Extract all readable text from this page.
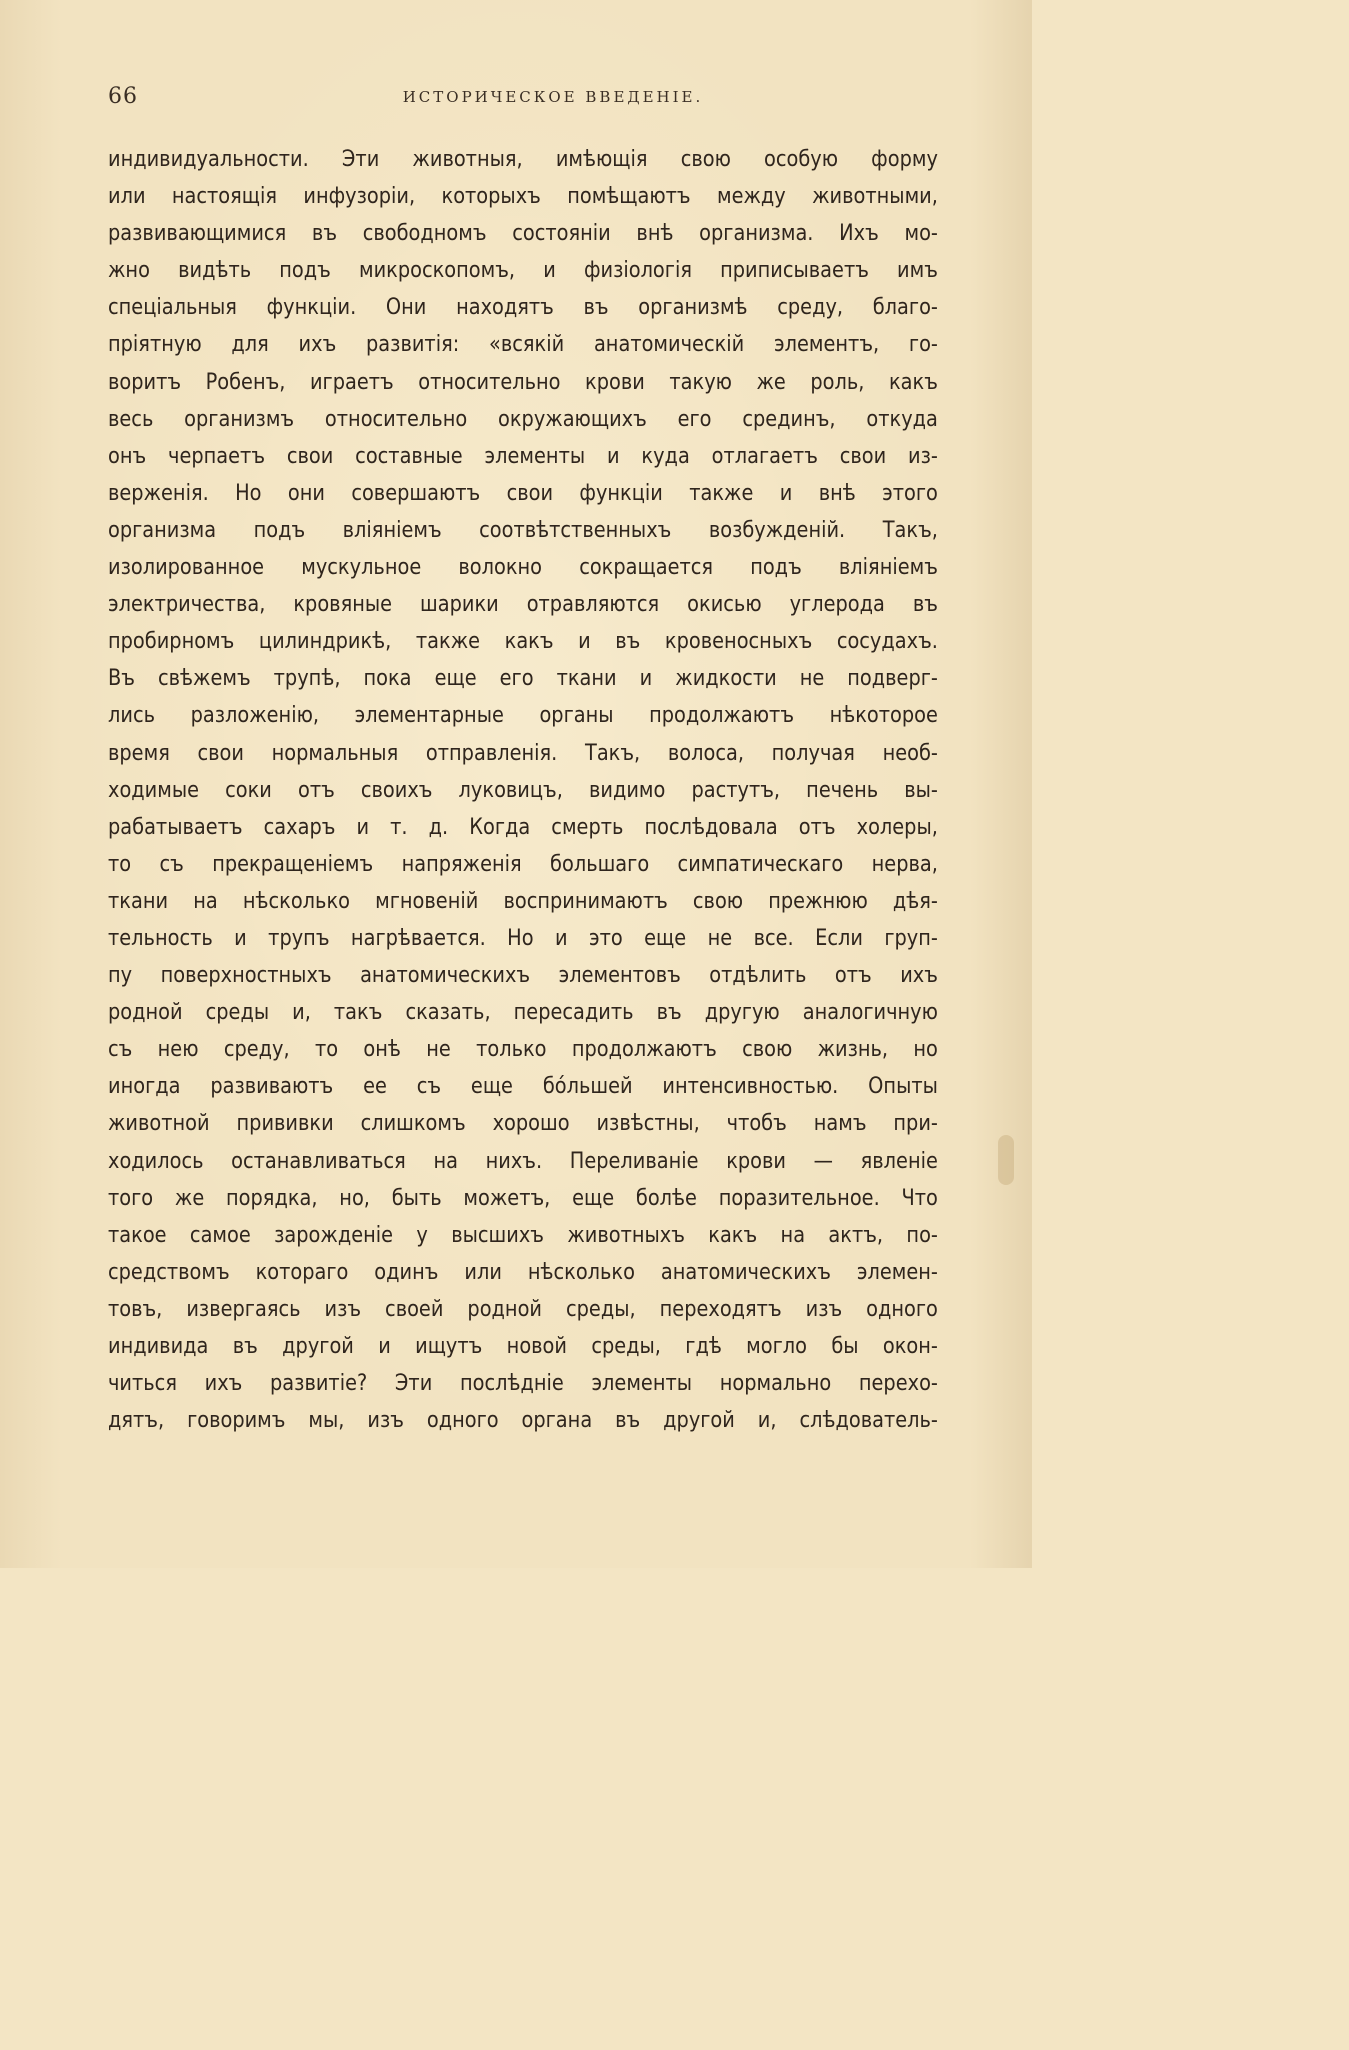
66	ИСТОРИЧЕСКОЕ ВВЕДЕНІЕ.
индивидуальности. Эти животныя, имѣющія свою особую форму
или настоящія инфузоріи, которыхъ помѣщаютъ между животными,
развивающимися въ свободномъ состояніи внѣ организма. Ихъ мо-
жно видѣть подъ микроскопомъ, и физіологія приписываетъ имъ
спеціальныя функціи. Они находятъ въ организмѣ среду, благо-
пріятную для ихъ развитія: «всякій анатомическій элементъ, го-
воритъ Робенъ, играетъ относительно крови такую же роль, какъ
весь организмъ относительно окружающихъ его срединъ, откуда
онъ черпаетъ свои составные элементы и куда отлагаетъ свои из-
верженія. Но они совершаютъ свои функціи также и внѣ этого
организма подъ вліяніемъ соотвѣтственныхъ возбужденій. Такъ,
изолированное мускульное волокно сокращается подъ вліяніемъ
электричества, кровяные шарики отравляются окисью углерода въ
пробирномъ цилиндрикѣ, также какъ и въ кровеносныхъ сосудахъ.
Въ свѣжемъ трупѣ, пока еще его ткани и жидкости не подверг-
лись разложенію, элементарные органы продолжаютъ нѣкоторое
время свои нормальныя отправленія. Такъ, волоса, получая необ-
ходимые соки отъ своихъ луковицъ, видимо растутъ, печень вы-
рабатываетъ сахаръ и т. д. Когда смерть послѣдовала отъ холеры,
то съ прекращеніемъ напряженія большаго симпатическаго нерва,
ткани на нѣсколько мгновеній воспринимаютъ свою прежнюю дѣя-
тельность и трупъ нагрѣвается. Но и это еще не все. Если груп-
пу поверхностныхъ анатомическихъ элементовъ отдѣлить отъ ихъ
родной среды и, такъ сказать, пересадить въ другую аналогичную
съ нею среду, то онѣ не только продолжаютъ свою жизнь, но
иногда развиваютъ ее съ еще бо́льшей интенсивностью. Опыты
животной прививки слишкомъ хорошо извѣстны, чтобъ намъ при-
ходилось останавливаться на нихъ. Переливаніе крови — явленіе
того же порядка, но, быть можетъ, еще болѣе поразительное. Что
такое самое зарожденіе у высшихъ животныхъ какъ на актъ, по-
средствомъ котораго одинъ или нѣсколько анатомическихъ элемен-
товъ, извергаясь изъ своей родной среды, переходятъ изъ одного
индивида въ другой и ищутъ новой среды, гдѣ могло бы окон-
читься ихъ развитіе? Эти послѣдніе элементы нормально перехо-
дятъ, говоримъ мы, изъ одного органа въ другой и, слѣдователь-
